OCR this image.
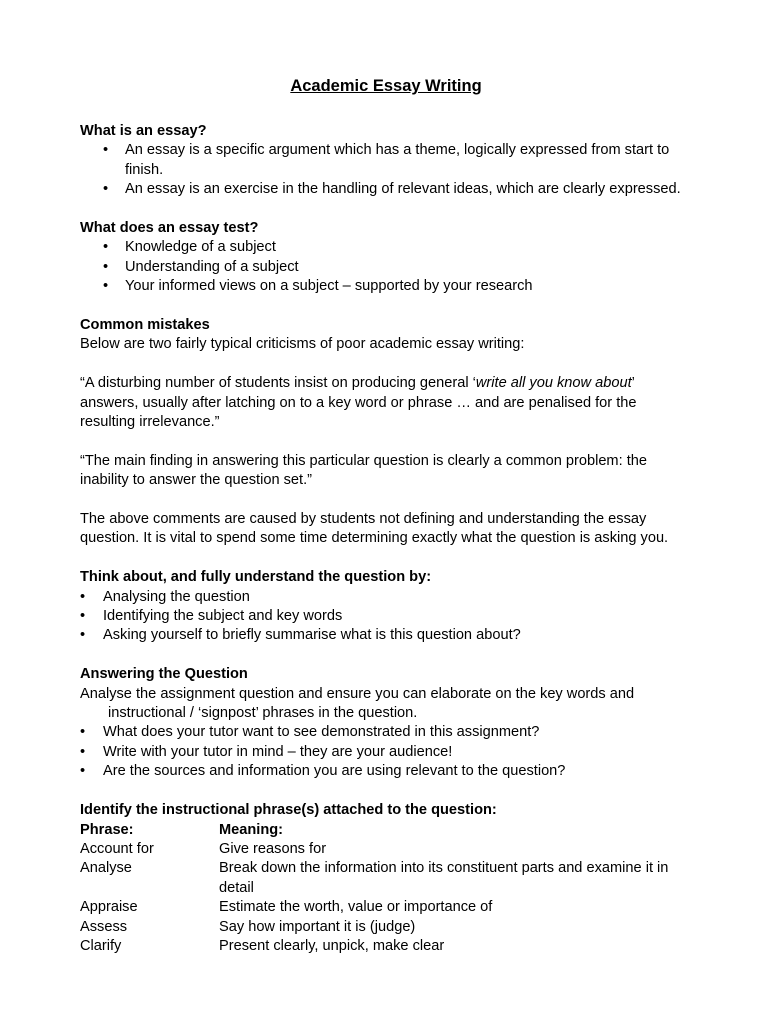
Academic Essay Writing
What is an essay?
• An essay is a specific argument which has a theme, logically expressed from start to finish.
• An essay is an exercise in the handling of relevant ideas, which are clearly expressed.
What does an essay test?
• Knowledge of a subject
• Understanding of a subject
• Your informed views on a subject – supported by your research
Common mistakes

Below are two fairly typical criticisms of poor academic essay writing:

“A disturbing number of students insist on producing general ‘write all you know about’ answers, usually after latching on to a key word or phrase … and are penalised for the resulting irrelevance.”

“The main finding in answering this particular question is clearly a common problem: the inability to answer the question set.”

The above comments are caused by students not defining and understanding the essay question. It is vital to spend some time determining exactly what the question is asking you.

Think about, and fully understand the question by:
• Analysing the question
• Identifying the subject and key words
• Asking yourself to briefly summarise what is this question about?
Answering the Question

Analyse the assignment question and ensure you can elaborate on the key words and instructional / ‘signpost’ phrases in the question.

• What does your tutor want to see demonstrated in this assignment?
• Write with your tutor in mind – they are your audience!
• Are the sources and information you are using relevant to the question?
Identify the instructional phrase(s) attached to the question:
Phrase:	Meaning:
Account for	Give reasons for
Analyse	Break down the information into its constituent parts and examine it in detail
Appraise	Estimate the worth, value or importance of
Assess	Say how important it is (judge)
Clarify	Present clearly, unpick, make clear
